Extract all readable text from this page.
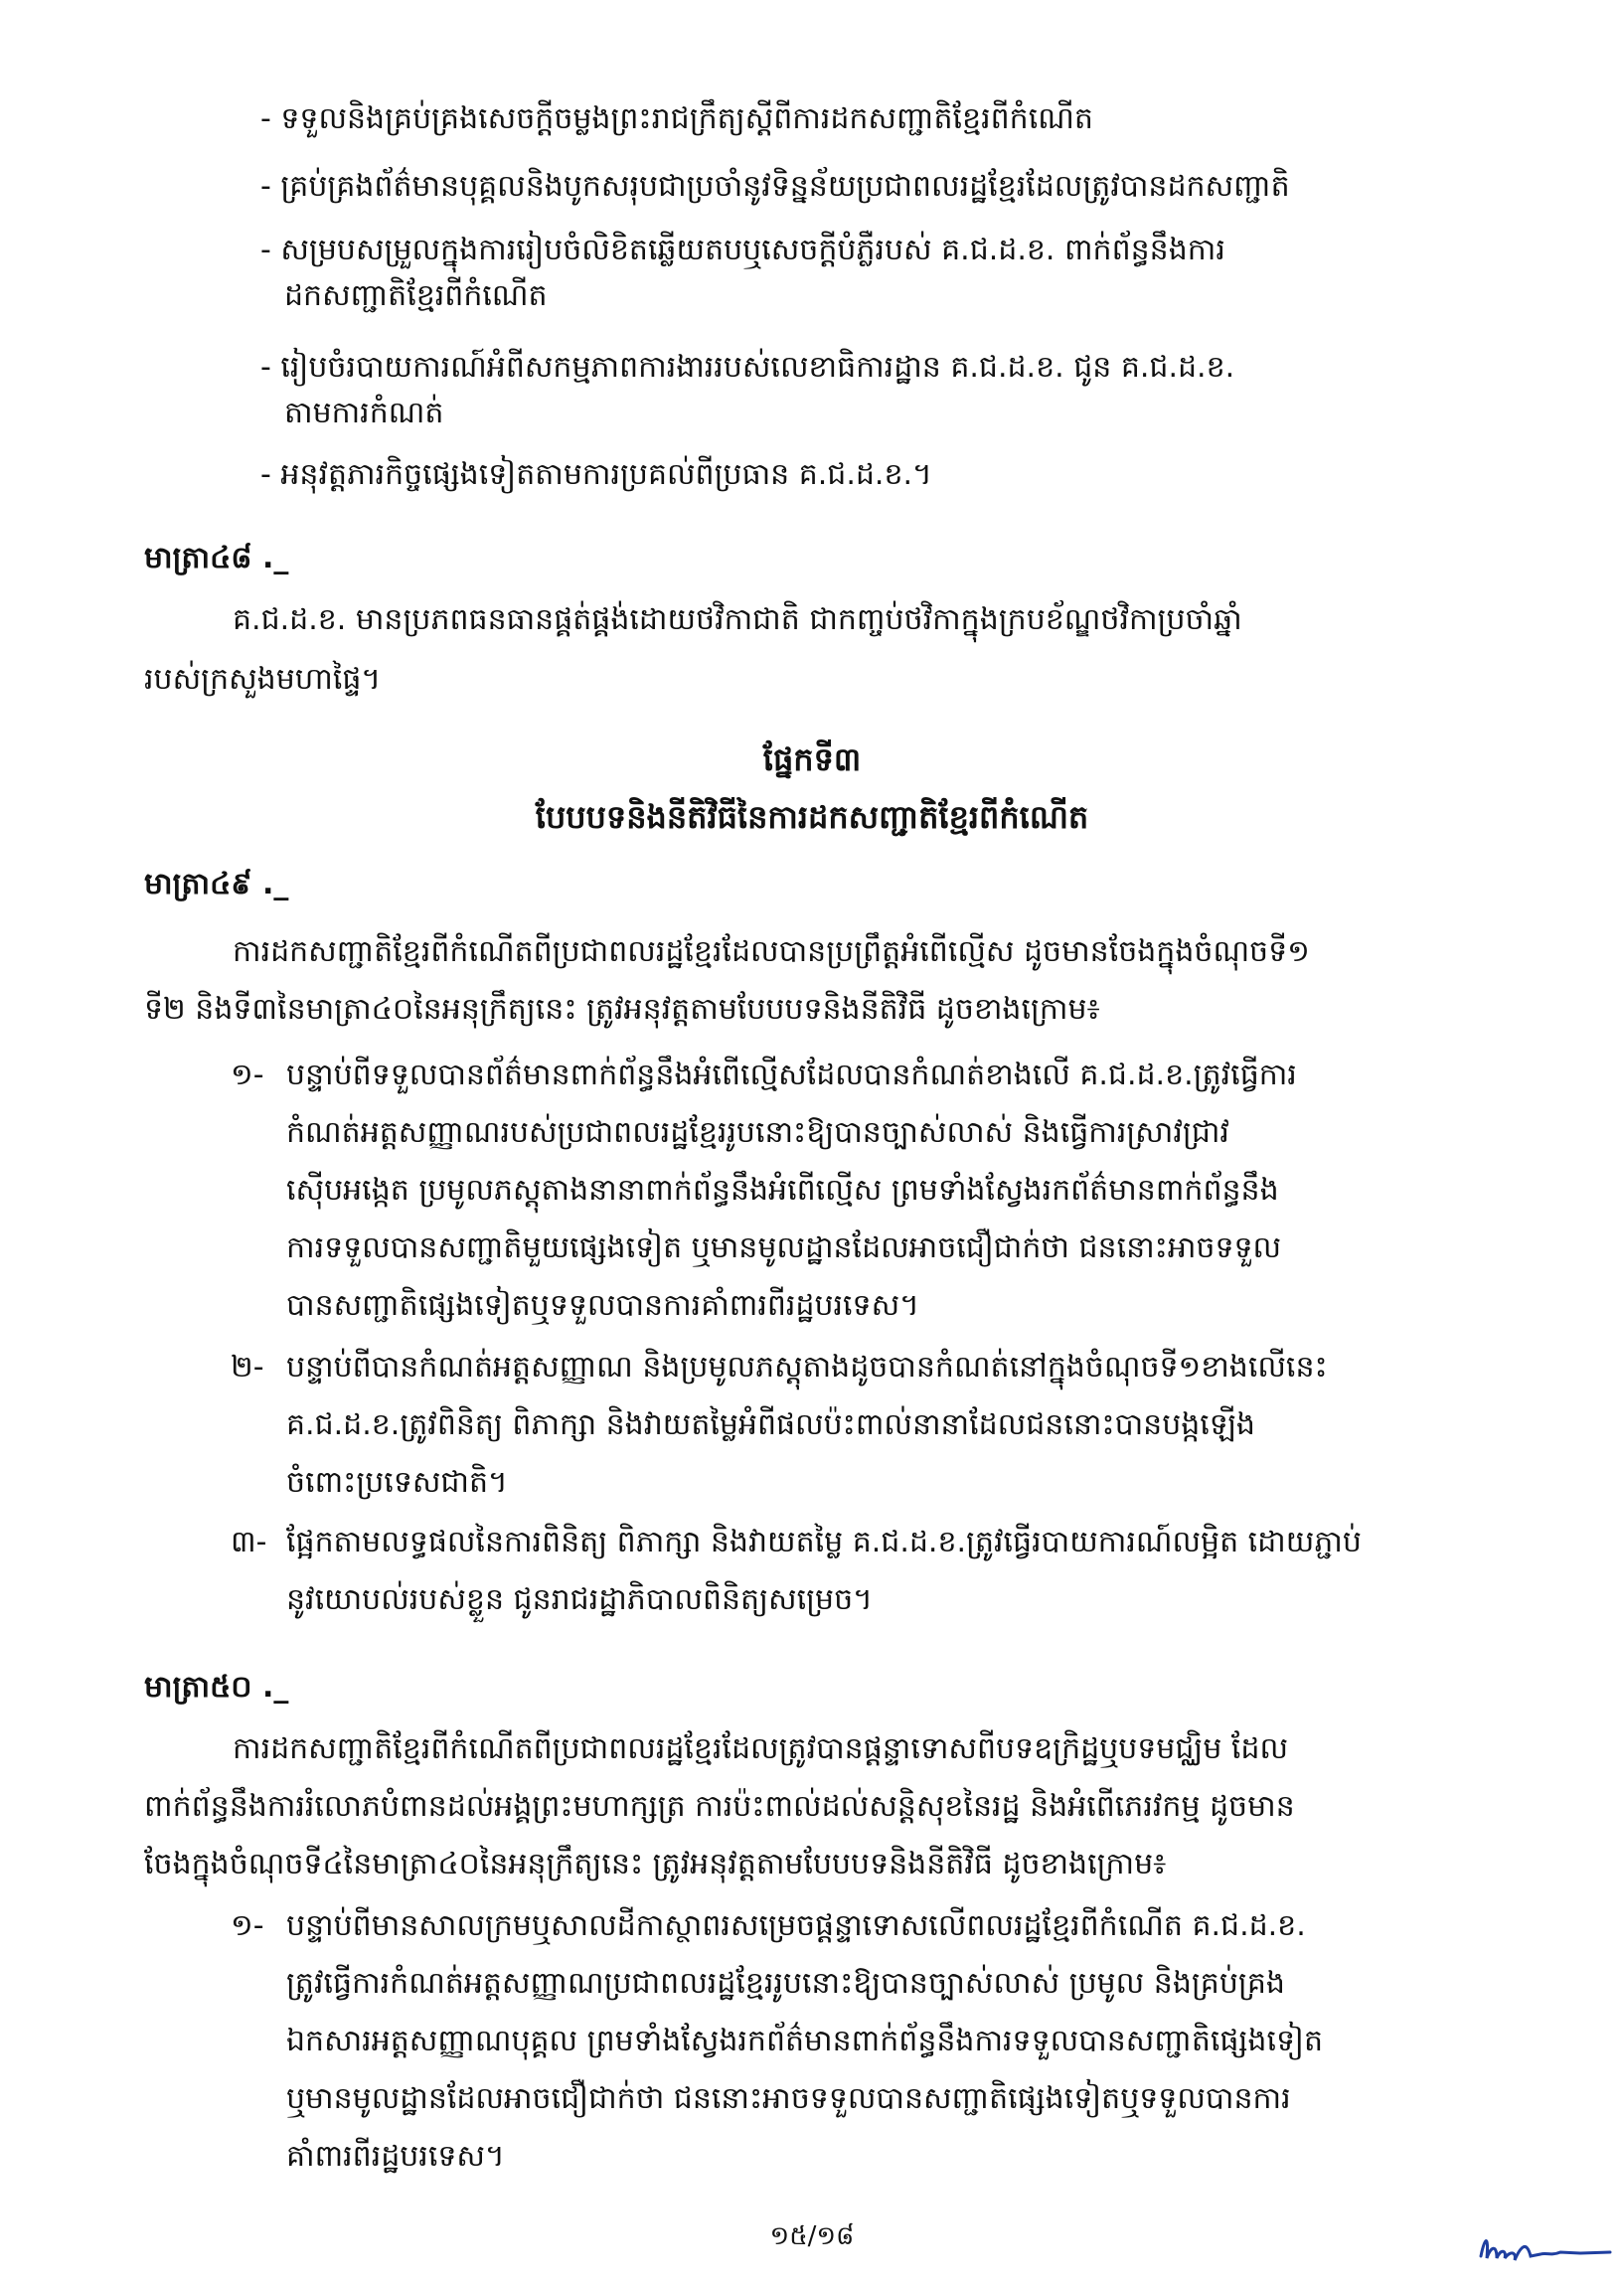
- ទទួលនិងគ្រប់គ្រងសេចក្តីចម្លងព្រះរាជក្រឹត្យស្តីពីការដកសញ្ជាតិខ្មែរពីកំណើត
- គ្រប់គ្រងព័ត៌មានបុគ្គលនិងបូកសរុបជាប្រចាំនូវទិន្នន័យប្រជាពលរដ្ឋខ្មែរដែលត្រូវបានដកសញ្ជាតិ
- សម្របសម្រួលក្នុងការរៀបចំលិខិតឆ្លើយតបឬសេចក្តីបំភ្លឺរបស់ គ.ជ.ដ.ខ. ពាក់ព័ន្ធនឹងការ
ដកសញ្ជាតិខ្មែរពីកំណើត
- រៀបចំរបាយការណ៍អំពីសកម្មភាពការងាររបស់លេខាធិការដ្ឋាន គ.ជ.ដ.ខ. ជូន គ.ជ.ដ.ខ.
តាមការកំណត់
- អនុវត្តភារកិច្ចផ្សេងទៀតតាមការប្រគល់ពីប្រធាន គ.ជ.ដ.ខ.។
មាត្រា៤៨ ._
គ.ជ.ដ.ខ. មានប្រភពធនធានផ្គត់ផ្គង់ដោយថវិកាជាតិ ជាកញ្ចប់ថវិកាក្នុងក្របខ័ណ្ឌថវិកាប្រចាំឆ្នាំ
របស់ក្រសួងមហាផ្ទៃ។
ផ្នែកទី៣
បែបបទនិងនីតិវិធីនៃការដកសញ្ជាតិខ្មែរពីកំណើត
មាត្រា៤៩ ._
ការដកសញ្ជាតិខ្មែរពីកំណើតពីប្រជាពលរដ្ឋខ្មែរដែលបានប្រព្រឹត្តអំពើល្មើស ដូចមានចែងក្នុងចំណុចទី១
ទី២ និងទី៣នៃមាត្រា៤០នៃអនុក្រឹត្យនេះ ត្រូវអនុវត្តតាមបែបបទនិងនីតិវិធី ដូចខាងក្រោម៖
១- បន្ទាប់ពីទទួលបានព័ត៌មានពាក់ព័ន្ធនឹងអំពើល្មើសដែលបានកំណត់ខាងលើ គ.ជ.ដ.ខ.ត្រូវធ្វើការ
កំណត់អត្តសញ្ញាណរបស់ប្រជាពលរដ្ឋខ្មែររូបនោះឱ្យបានច្បាស់លាស់ និងធ្វើការស្រាវជ្រាវ
ស៊ើបអង្កេត ប្រមូលភស្តុតាងនានាពាក់ព័ន្ធនឹងអំពើល្មើស ព្រមទាំងស្វែងរកព័ត៌មានពាក់ព័ន្ធនឹង
ការទទួលបានសញ្ជាតិមួយផ្សេងទៀត ឬមានមូលដ្ឋានដែលអាចជឿជាក់ថា ជននោះអាចទទួល
បានសញ្ជាតិផ្សេងទៀតឬទទួលបានការគាំពារពីរដ្ឋបរទេស។
២- បន្ទាប់ពីបានកំណត់អត្តសញ្ញាណ និងប្រមូលភស្តុតាងដូចបានកំណត់នៅក្នុងចំណុចទី១ខាងលើនេះ
គ.ជ.ដ.ខ.ត្រូវពិនិត្យ ពិភាក្សា និងវាយតម្លៃអំពីផលប៉ះពាល់នានាដែលជននោះបានបង្កឡើង
ចំពោះប្រទេសជាតិ។
៣- ផ្អែកតាមលទ្ធផលនៃការពិនិត្យ ពិភាក្សា និងវាយតម្លៃ គ.ជ.ដ.ខ.ត្រូវធ្វើរបាយការណ៍លម្អិត ដោយភ្ជាប់
នូវយោបល់របស់ខ្លួន ជូនរាជរដ្ឋាភិបាលពិនិត្យសម្រេច។
មាត្រា៥០ ._
ការដកសញ្ជាតិខ្មែរពីកំណើតពីប្រជាពលរដ្ឋខ្មែរដែលត្រូវបានផ្តន្ទាទោសពីបទឧក្រិដ្ឋឬបទមជ្ឈិម ដែល
ពាក់ព័ន្ធនឹងការរំលោភបំពានដល់អង្គព្រះមហាក្សត្រ ការប៉ះពាល់ដល់សន្តិសុខនៃរដ្ឋ និងអំពើភេរវកម្ម ដូចមាន
ចែងក្នុងចំណុចទី៤នៃមាត្រា៤០នៃអនុក្រឹត្យនេះ ត្រូវអនុវត្តតាមបែបបទនិងនីតិវិធី ដូចខាងក្រោម៖
១- បន្ទាប់ពីមានសាលក្រមឬសាលដីកាស្ថាពរសម្រេចផ្តន្ទាទោសលើពលរដ្ឋខ្មែរពីកំណើត គ.ជ.ដ.ខ.
ត្រូវធ្វើការកំណត់អត្តសញ្ញាណប្រជាពលរដ្ឋខ្មែររូបនោះឱ្យបានច្បាស់លាស់ ប្រមូល និងគ្រប់គ្រង
ឯកសារអត្តសញ្ញាណបុគ្គល ព្រមទាំងស្វែងរកព័ត៌មានពាក់ព័ន្ធនឹងការទទួលបានសញ្ជាតិផ្សេងទៀត
ឬមានមូលដ្ឋានដែលអាចជឿជាក់ថា ជននោះអាចទទួលបានសញ្ជាតិផ្សេងទៀតឬទទួលបានការ
គាំពារពីរដ្ឋបរទេស។
១៥/១៨
